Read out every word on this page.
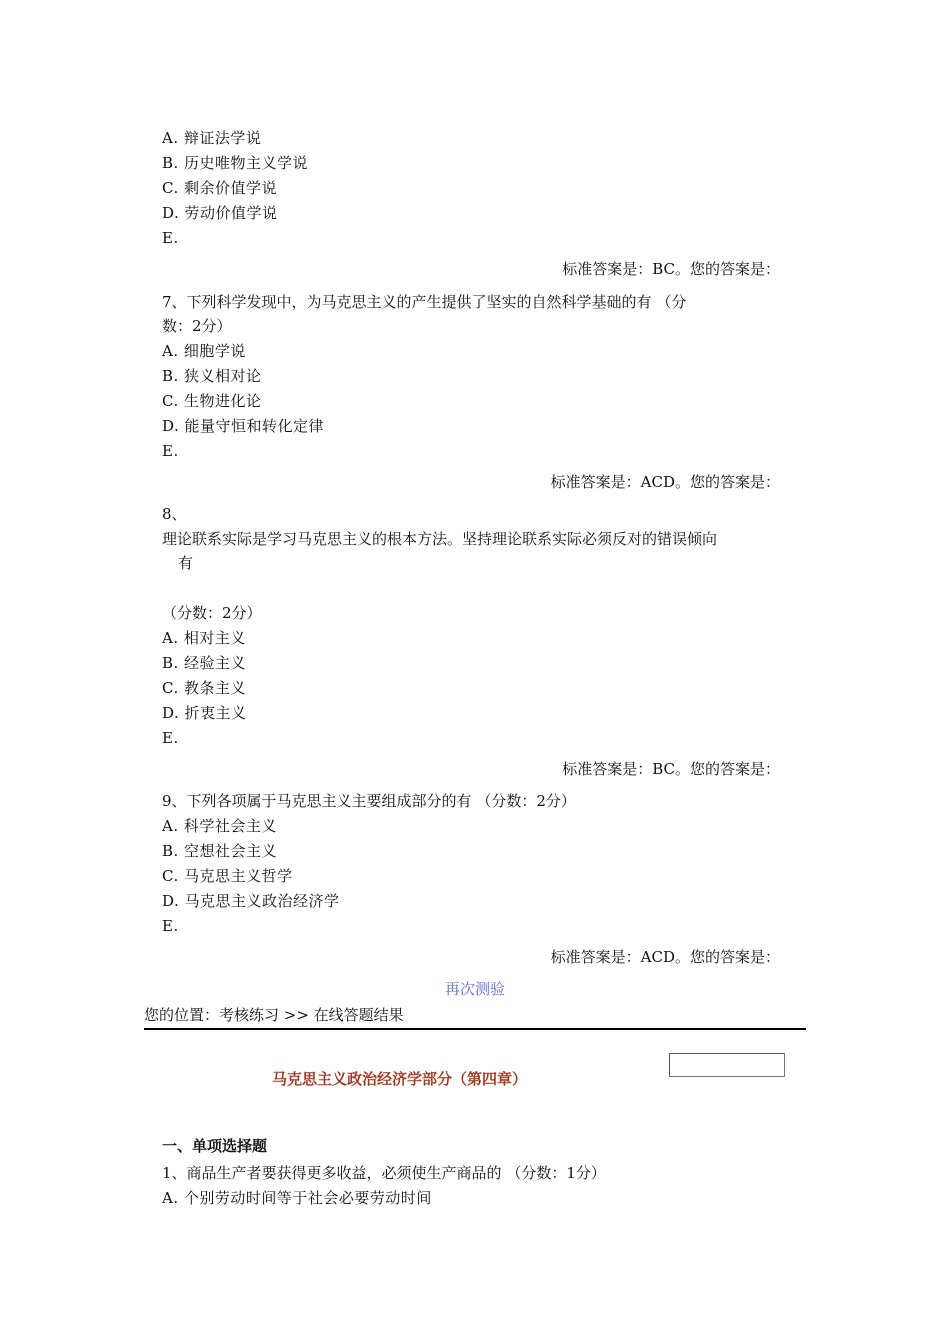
A. 辩证法学说
B. 历史唯物主义学说
C. 剩余价值学说
D. 劳动价值学说
E.
标准答案是：BC。您的答案是：
7、下列科学发现中，为马克思主义的产生提供了坚实的自然科学基础的有 （分
数：2分）
A. 细胞学说
B. 狭义相对论
C. 生物进化论
D. 能量守恒和转化定律
E.
标准答案是：ACD。您的答案是：
8、
理论联系实际是学习马克思主义的根本方法。坚持理论联系实际必须反对的错误倾向
有
（分数：2分）
A. 相对主义
B. 经验主义
C. 教条主义
D. 折衷主义
E.
标准答案是：BC。您的答案是：
9、下列各项属于马克思主义主要组成部分的有 （分数：2分）
A. 科学社会主义
B. 空想社会主义
C. 马克思主义哲学
D. 马克思主义政治经济学
E.
标准答案是：ACD。您的答案是：
再次测验
您的位置：考核练习 >> 在线答题结果
马克思主义政治经济学部分（第四章）
一、单项选择题
1、商品生产者要获得更多收益，必须使生产商品的 （分数：1分）
A. 个别劳动时间等于社会必要劳动时间
